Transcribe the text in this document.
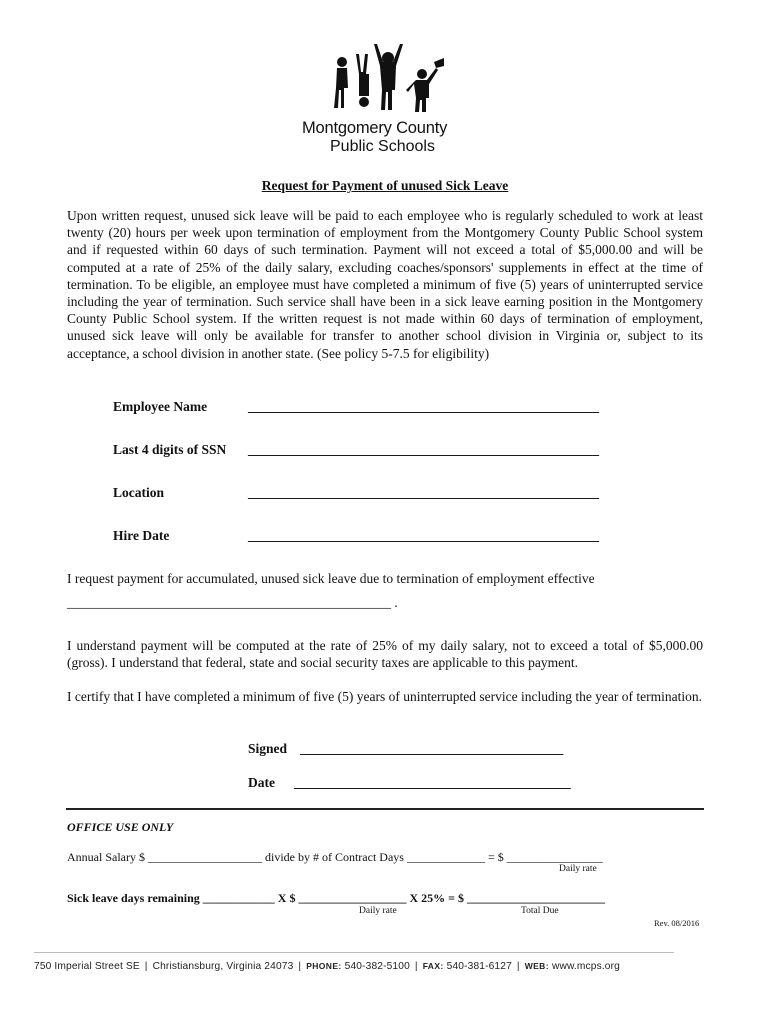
Montgomery County
Public Schools
Request for Payment of unused Sick Leave

Upon written request, unused sick leave will be paid to each employee who is regularly scheduled to work at least twenty (20) hours per week upon termination of employment from the Montgomery County Public School system and if requested within 60 days of such termination. Payment will not exceed a total of $5,000.00 and will be computed at a rate of 25% of the daily salary, excluding coaches/sponsors' supplements in effect at the time of termination. To be eligible, an employee must have completed a minimum of five (5) years of uninterrupted service including the year of termination. Such service shall have been in a sick leave earning position in the Montgomery County Public School system. If the written request is not made within 60 days of termination of employment, unused sick leave will only be available for transfer to another school division in Virginia or, subject to its acceptance, a school division in another state. (See policy 5-7.5 for eligibility)

Employee Name	____________________________________________________
Last 4 digits of SSN ____________________________________________________
Location	____________________________________________________
Hire Date	____________________________________________________

I request payment for accumulated, unused sick leave due to termination of employment effective

________________________________________________ .

I understand payment will be computed at the rate of 25% of my daily salary, not to exceed a total of $5,000.00 (gross). I understand that federal, state and social security taxes are applicable to this payment.

I certify that I have completed a minimum of five (5) years of uninterrupted service including the year of termination.

Signed _______________________________________
Date _________________________________________
OFFICE USE ONLY
Annual Salary $ ___________________ divide by # of Contract Days _____________ = $ ________________
Daily rate
Sick leave days remaining ____________ X $ __________________ X 25% = $ _______________________
Daily rate	Total Due
Rev. 08/2016
750 Imperial Street SE | Christiansburg, Virginia 24073 | PHONE: 540-382-5100 | FAX: 540-381-6127 | WEB: www.mcps.org
